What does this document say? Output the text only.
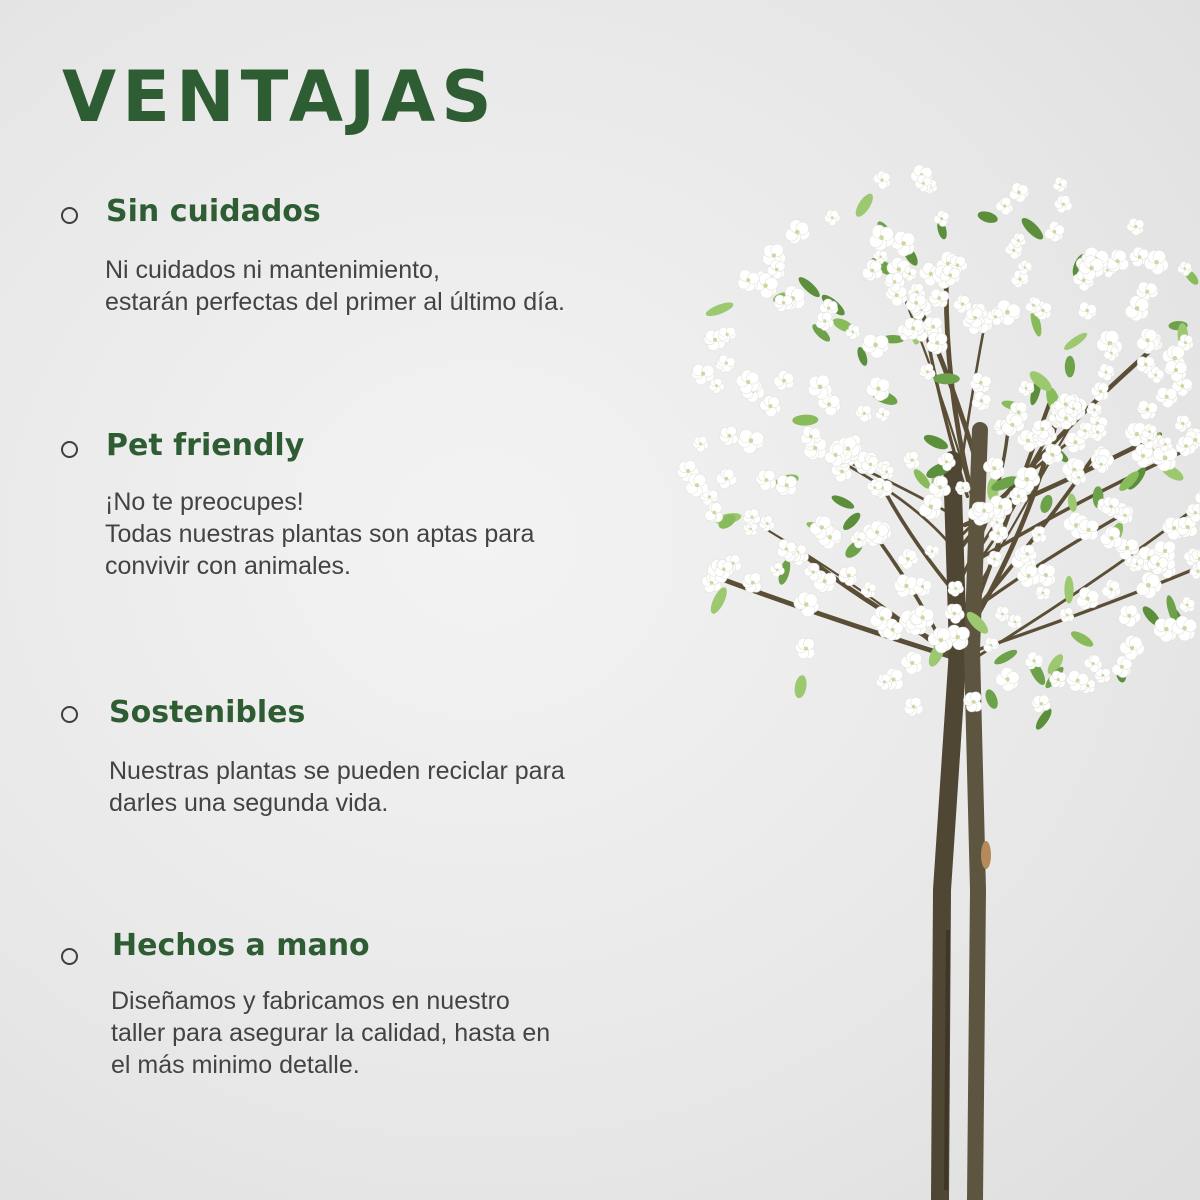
VENTAJAS
Sin cuidados
Ni cuidados ni mantenimiento,
estarán perfectas del primer al último día.
Pet friendly
¡No te preocupes!
Todas nuestras plantas son aptas para
convivir con animales.
Sostenibles
Nuestras plantas se pueden reciclar para
darles una segunda vida.
Hechos a mano
Diseñamos y fabricamos en nuestro
taller para asegurar la calidad, hasta en
el más minimo detalle.
